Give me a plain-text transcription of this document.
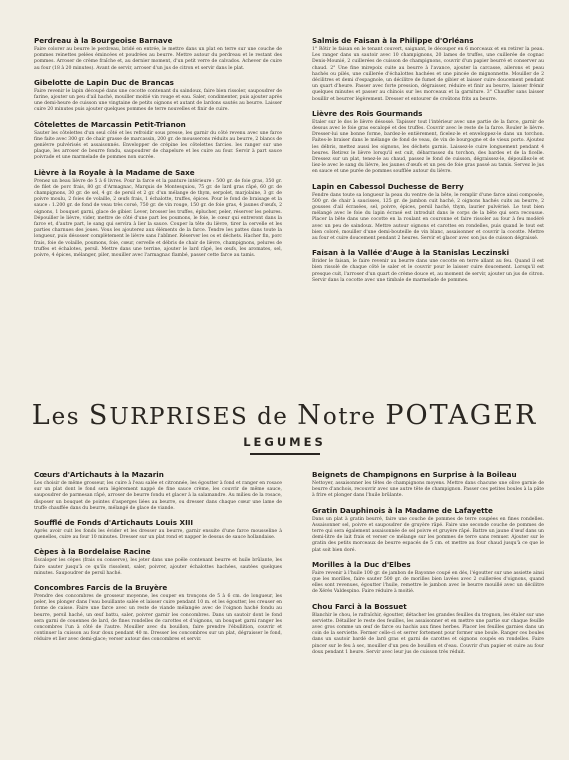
Perdreau à la Bourgeoise Barnave

Faire colorer au beurre le perdreau, bridé en entrée, le mettre dans un plat en terre sur une couche de pommes reinettes pelées émincées et poudrées au beurre. Mettre autour du perdreau et le restant des pommes. Arroser de crème fraîche et, au dernier moment, d'un petit verre de calvados. Achever de cuire au four (18 à 20 minutes). Avant de servir, arroser d'un jus de citron et servir dans le plat.

Gibelotte de Lapin Duc de Brancas

Faire revenir le lapin découpé dans une cocotte contenant du saindoux, faire bien rissoler, saupoudrer de farine, ajouter un peu d'ail haché, mouiller moitié vin rouge et eau. Saler, condimenter, puis ajouter après une demi-heure de cuisson une vingtaine de petits oignons et autant de lardons sautés au beurre. Laisser cuire 20 minutes puis ajouter quelques pommes de terre nouvelles et finir de cuire.

Côtelettes de Marcassin Petit-Trianon

Sauter les côtelettes d'un seul côté et les refroidir sous presse, les garnir du côté revenu avec une farce fine faite avec 300 gr. de chair grasse de marcassin, 200 gr. de mousserons réduits au beurre, 2 blancs de genièvre pulvérisés et assaisonnés. Envelopper de crépine les côtelettes farcies. les ranger sur une plaque, les arroser de beurre fondu, saupoudrer de chapelure et les cuire au four. Servir à part sauce poivrade et une marmelade de pommes non sucrée.

Lièvre à la Royale à la Madame de Saxe

Prenez un beau lièvre de 5 à 6 livres. Pour la farce et la panture intérieure : 500 gr. de foie gras, 350 gr. de filet de porc frais, 80 gr. d'Armagnac, Marquis de Montesquiou, 75 gr. de lard gras râpé, 60 gr. de champignons, 30 gr. de sel, 4 gr. de persil et 2 gr. d'un mélange de thym, serpolet, marjolaine, 3 gr. de poivre moulu, 2 foies de volaille, 2 œufs frais, 1 échalotte, truffes, épices. Pour le fond de braisage et la sauce : 1.200 gr. de fond de veau très corsé, 750 gr. de vin rouge, 150 gr. de foie gras, 4 jaunes d'œufs, 2 oignons, 1 bouquet garni, glace de gibier. Lever, brosser les truffes, éplucher, peler, réserver les pelures. Dépouiller le lièvre, vider, mettre de côté d'une part les poumons, le foie, le cœur qui entreront dans la farce et, d'autre part, le sang qui servira à lier la sauce. Couper la tête du lièvre, tirer la cervelle et les parties charnues des joues. Vous les ajouterez aux éléments de la farce. Tendre les pattes dans toute la longueur, puis désosser complètement le lièvre sans l'abîmer. Réserver les os et déchets. Hacher fin, porc frais, foie de volaille, poumons, foie, cœur, cervelle et débris de chair de lièvre, champignons, pelures de truffes et échalotes, persil. Mettre dans une terrine, ajouter le lard râpé, les œufs, les aromates, sel, poivre, 4 épices, mélanger, piler, mouiller avec l'armagnac flambé, passer cette farce au tamis.

Salmis de Faisan à la Philippe d'Orléans

1° Rôtir le faisan en le tenant couvert, saignant, le découper en 6 morceaux et en retirer la peau. Les ranger dans un sautoir avec 10 champignons, 20 lames de truffes, une cuillerée de cognac Denis-Mounié, 2 cuillerées de cuisson de champignons, couvrir d'un papier beurré et conserver au chaud. 2° Une fine mirepoix cuite au beurre à l'avance, ajouter la carcasse, ailerons et peau hachés ou pilés, une cuillerée d'échalottes hachées et une pincée de mignonnette. Mouiller de 2 décilitres et demi d'espagnole, un décilitre de fumet de gibier et laisser cuire doucement pendant un quart d'heure. Passer avec forte pression, dégraisser, réduire et finir au beurre, laisser frémir quelques minutes et passer au chinois sur les morceaux et la garniture. 3° Chauffer sans laisser bouillir et beurrer légèrement. Dresser et entourer de croûtons frits au beurre.

Lièvre des Rois Gourmands

Etaler sur le dos le lièvre désossé. Tapisser tout l'intérieur avec une partie de la farce, garnir de dessus avec le foie gras escalopé et des truffes. Couvrir avec le reste de la farce. Rouler le lièvre. Dresser-lui une bonne forme, bardez-le entièrement, ficelez-le et enveloppez-le dans un torchon. Faites-le braiser dans le mélange de fond de veau, de vin de bourgogne et de vieux porto. Ajoutez les débris, mettez aussi les oignons, les déchets garnis. Laissez-le cuire longuement pendant 4 heures. Retirez le lièvre lorsqu'il est cuit, débarrassez du torchon, des bardes et de la ficelle. Dressez sur un plat, tenez-le au chaud, passez le fond de cuisson, dégraissez-le, dépouillez-le et liez-le avec le sang du lièvre, les jaunes d'œufs et un peu de foie gras passé au tamis. Servez le jus en sauce et une purée de pommes soufflée autour du lièvre.

Lapin en Cabessol Duchesse de Berry

Fendre dans toute sa longueur la peau du ventre de la bête, le remplir d'une farce ainsi composée, 500 gr. de chair à saucisses, 125 gr. de jambon cuit haché, 2 oignons hachés cuits au beurre, 2 gousses d'ail écrasées, sel, poivre, épices, persil haché, thym, laurier pulvérisé. Le tout bien mélangé avec le foie du lapin écrasé est introduit dans le corps de la bête qui sera recousue. Placer la bête dans une cocotte en la roulant en couronne et faire rissoler au four à feu modéré avec un peu de saindoux. Mettre autour oignons et carottes en rondelles, puis quand le tout est bien coloré, mouiller d'une demi-bouteille de vin blanc, assaisonner et couvrir la cocotte. Mettre au four et cuire doucement pendant 2 heures. Servir et glacer avec son jus de cuisson dégraissé.

Faisan à la Vallée d'Auge à la Stanislas Leczinski

Brider le faisan, le faire revenir au beurre dans une cocotte en terre allant au feu. Quand il est bien rissolé de chaque côté le saler et le couvrir pour le laisser cuire doucement. Lorsqu'il est presque cuit, l'arroser d'un quart de crème douce et, au moment de servir, ajouter un jus de citron. Servir dans la cocotte avec une timbale de marmelade de pommes.

Les SURPRISES de Notre POTAGER
LEGUMES
Cœurs d'Artichauts à la Mazarin

Les choisir de même grosseur, les cuire à l'eau salée et citronnée, les égoutter à fond et ranger en rosace sur un plat dont le fond sera légèrement nappé de fine sauce crème, les couvrir de même sauce, saupoudrer de parmesan râpé, arroser de beurre fondu et glacer à la salamandre. Au milieu de la rosace, disposer un bouquet de pointes d'asperges liées au beurre, ou dresser dans chaque cœur une lame de truffe chauffée dans du beurre, mélangé de glace de viande.

Soufflé de Fonds d'Artichauts Louis XIII

Après avoir cuit les fonds les évider et les dresser au beurre, garnir ensuite d'une farce mousseline à quenelles, cuire au four 10 minutes. Dresser sur un plat rond et napper le dessus de sauce hollandaise.

Cèpes à la Bordelaise Racine

Escaloper les cèpes (frais ou conserve), les jeter dans une poêle contenant beurre et huile brûlante, les faire sauter jusqu'à ce qu'ils rissolent, saler, poivrer, ajouter échalottes hachées, sautées quelques minutes. Saupoudrer de persil haché.

Concombres Farcis de la Bruyère

Prendre des concombres de grosseur moyenne, les couper en tronçons de 5 à 6 cm. de longueur, les peler, les plonger dans l'eau bouillante salée et laisser cuire pendant 10 m. et les égoutter, les creuser en forme de caisse. Faire une farce avec un reste de viande mélangée avec de l'oignon haché fondu au beurre, persil haché, un œuf battu, saler, poivrer garnir les concombres. Dans un sautoir dont le fond sera garni de couennes de lard, de fines rondelles de carottes et d'oignons, un bouquet garni ranger les concombres l'un à côté de l'autre. Mouiller avec du bouillon, faire prendre l'ébullition, couvrir et continuer la cuisson au four doux pendant 40 m. Dresser les concombres sur un plat, dégraisser le fond, réduire et lier avec demi-glace; verser autour des concombres et servir.

Beignets de Champignons en Surprise à la Boileau

Nettoyer, assaisonner les têtes de champignons moyens. Mettre dans chacune une olive garnie de beurre d'anchois, recouvrir avec une autre tête de champignon. Passer ces petites boules à la pâte à frire et plonger dans l'huile brûlante.

Gratin Dauphinois à la Madame de Lafayette

Dans un plat à gratin beurré, faire une couche de pommes de terre coupées en fines rondelles. Assaisonner sel, poivre et saupoudrer de gruyère râpé. Faire une seconde couche de pommes de terre qui sera également assaisonnée de sel poivre et gruyère râpé. Battre un jaune d'œuf dans un demi-litre de lait frais et verser ce mélange sur les pommes de terre sans remuer. Ajouter sur le gratin des petits morceaux de beurre espacés de 5 cm. et mettre au four chaud jusqu'à ce que le plat soit bien doré.

Morilles à la Duc d'Elbes

Faire revenir à l'huile 100 gr. de jambon de Bayonne coupé en dés, l'égoutter sur une assiette ainsi que les morilles, faire sauter 500 gr. de morilles bien lavées avec 2 cuillerées d'oignons, quand elles sont revenues, égoutter l'huile, remettre le jambon avec le beurre mouillé avec un décilitre de Xérès Valdespino. Faire réduire à moitié.

Chou Farci à la Bossuet

Blanchir le chou, le rafraîchir, égoutter, détacher les grandes feuilles du trognon, les étaler sur une serviette. Détailler le reste des feuilles, les assaisonner et en mettre une partie sur chaque feuille avec gros comme un œuf de farce ou hachis aux fines herbes. Placer les feuilles garnies dans un coin de la serviette. Fermer celle-ci et serrer fortement pour former une boule. Ranger ces boules dans un sautoir bardé de lard gras et garni de carottes et oignons coupés en rondelles. Faire pincer sur le feu à sec, mouiller d'un peu de bouillon et d'eau. Couvrir d'un papier et cuire au four doux pendant 1 heure. Servir avec leur jus de cuisson très réduit.
